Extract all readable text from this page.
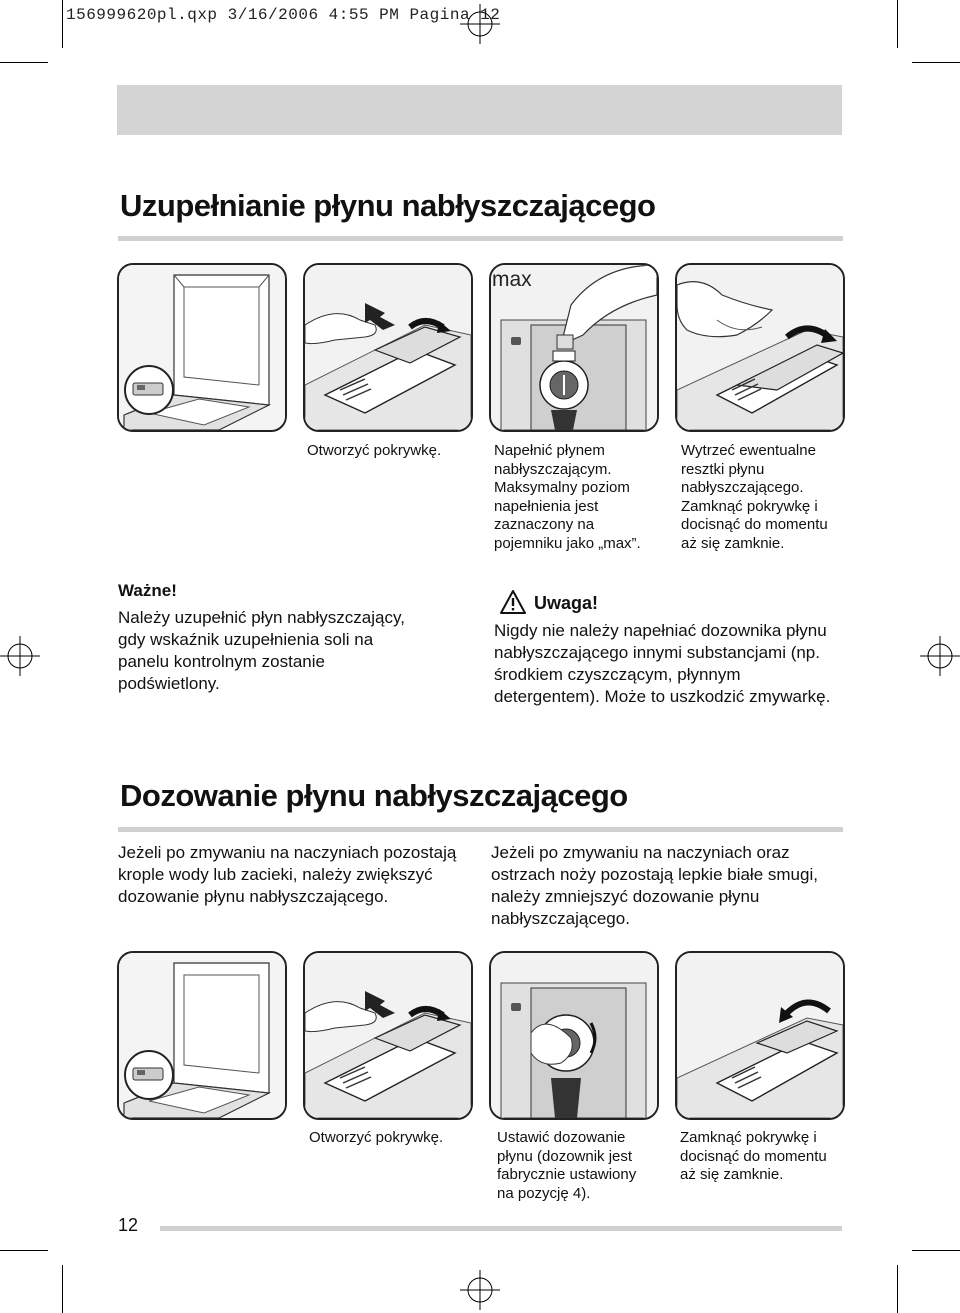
156999620pl.qxp 3/16/2006 4:55 PM Pagina 12
Uzupełnianie płynu nabłyszczającego
max
Otworzyć pokrywkę.	Napełnić płynem nabłyszczającym. Maksymalny poziom napełnienia jest zaznaczony na pojemniku jako „max”.
Wytrzeć ewentualne resztki płynu nabłyszczającego. Zamknąć pokrywkę i docisnąć do momentu aż się zamknie.
Ważne!
Należy uzupełnić płyn nabłyszczający, gdy wskaźnik uzupełnienia soli na panelu kontrolnym zostanie podświetlony.
Uwaga!
Nigdy nie należy napełniać dozownika płynu nabłyszczającego innymi substancjami (np. środkiem czyszczącym, płynnym detergentem). Może to uszkodzić zmywarkę.
Dozowanie płynu nabłyszczającego
Jeżeli po zmywaniu na naczyniach pozostają krople wody lub zacieki, należy zwiększyć dozowanie płynu nabłyszczającego.
Jeżeli po zmywaniu na naczyniach oraz ostrzach noży pozostają lepkie białe smugi, należy zmniejszyć dozowanie płynu nabłyszczającego.
Otworzyć pokrywkę.	Ustawić dozowanie płynu (dozownik jest fabrycznie ustawiony na pozycję 4).
Zamknąć pokrywkę i docisnąć do momentu aż się zamknie.
12
